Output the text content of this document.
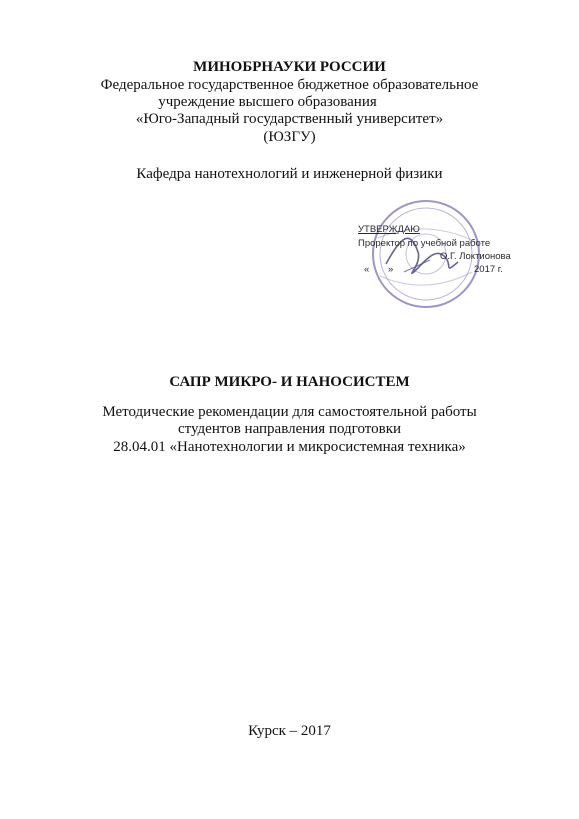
МИНОБРНАУКИ РОССИИ
Федеральное государственное бюджетное образовательное
учреждение высшего образования
«Юго-Западный государственный университет»
(ЮЗГУ)
Кафедра нанотехнологий и инженерной физики
УТВЕРЖДАЮ
Проректор по учебной работе
О.Г. Локтионова
« »	2017 г.
САПР МИКРО- И НАНОСИСТЕМ
Методические рекомендации для самостоятельной работы
студентов направления подготовки
28.04.01 «Нанотехнологии и микросистемная техника»
Курск – 2017
